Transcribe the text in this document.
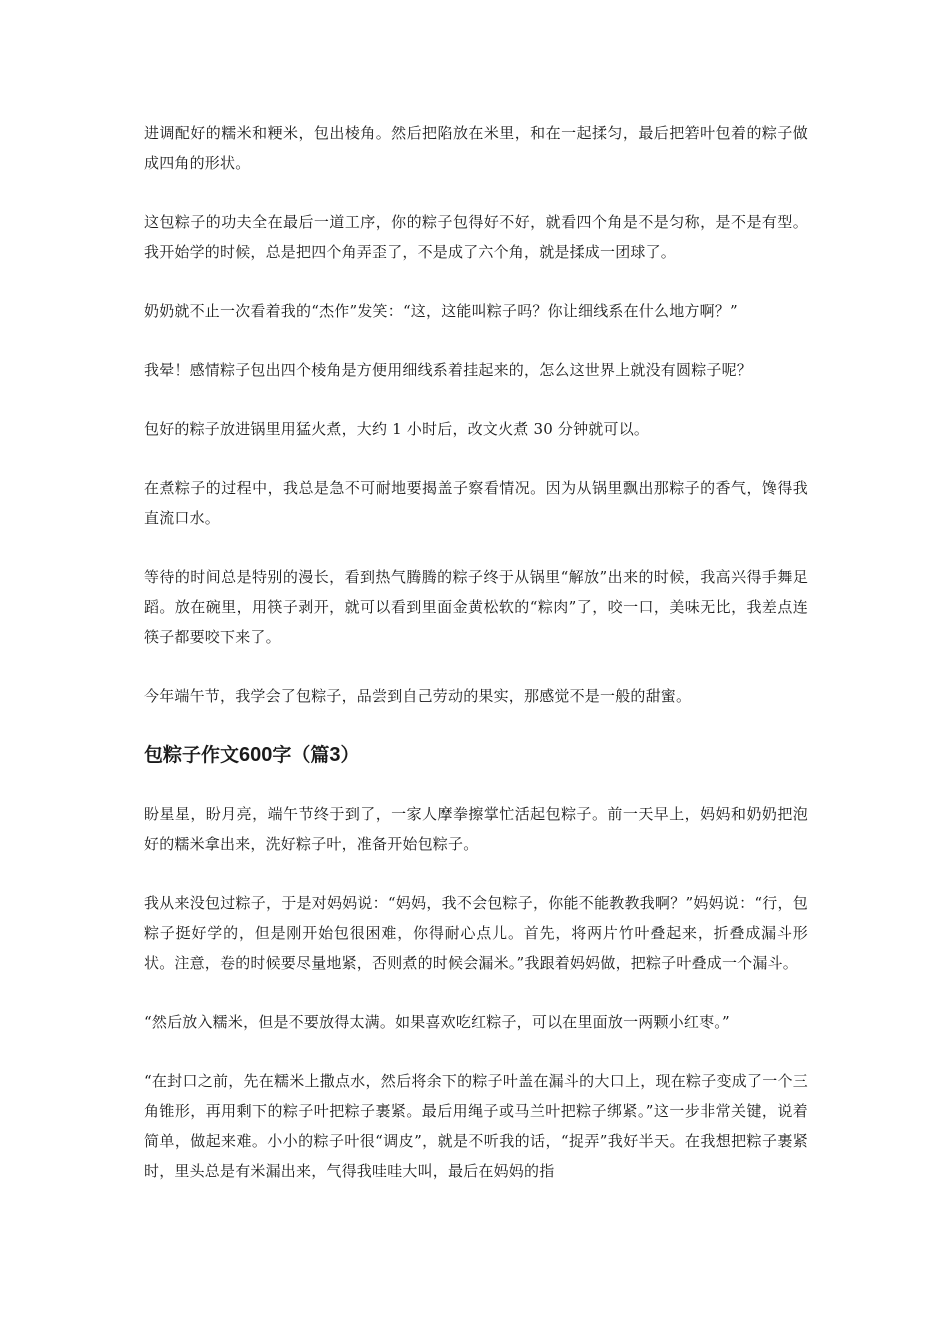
进调配好的糯米和粳米，包出棱角。然后把陷放在米里，和在一起揉匀，最后把箬叶包着的粽子做成四角的形状。

这包粽子的功夫全在最后一道工序，你的粽子包得好不好，就看四个角是不是匀称，是不是有型。我开始学的时候，总是把四个角弄歪了，不是成了六个角，就是揉成一团球了。

奶奶就不止一次看着我的“杰作”发笑：“这，这能叫粽子吗？你让细线系在什么地方啊？”

我晕！感情粽子包出四个棱角是方便用细线系着挂起来的，怎么这世界上就没有圆粽子呢？

包好的粽子放进锅里用猛火煮，大约 1 小时后，改文火煮 30 分钟就可以。

在煮粽子的过程中，我总是急不可耐地要揭盖子察看情况。因为从锅里飘出那粽子的香气，馋得我直流口水。

等待的时间总是特别的漫长，看到热气腾腾的粽子终于从锅里“解放”出来的时候，我高兴得手舞足蹈。放在碗里，用筷子剥开，就可以看到里面金黄松软的“粽肉”了，咬一口，美味无比，我差点连筷子都要咬下来了。

今年端午节，我学会了包粽子，品尝到自己劳动的果实，那感觉不是一般的甜蜜。

包粽子作文600字（篇3）

盼星星，盼月亮，端午节终于到了，一家人摩拳擦掌忙活起包粽子。前一天早上，妈妈和奶奶把泡好的糯米拿出来，洗好粽子叶，准备开始包粽子。

我从来没包过粽子，于是对妈妈说：“妈妈，我不会包粽子，你能不能教教我啊？”妈妈说：“行，包粽子挺好学的，但是刚开始包很困难，你得耐心点儿。首先，将两片竹叶叠起来，折叠成漏斗形状。注意，卷的时候要尽量地紧，否则煮的时候会漏米。”我跟着妈妈做，把粽子叶叠成一个漏斗。

“然后放入糯米，但是不要放得太满。如果喜欢吃红粽子，可以在里面放一两颗小红枣。”

“在封口之前，先在糯米上撒点水，然后将余下的粽子叶盖在漏斗的大口上，现在粽子变成了一个三角锥形，再用剩下的粽子叶把粽子裹紧。最后用绳子或马兰叶把粽子绑紧。”这一步非常关键，说着简单，做起来难。小小的粽子叶很“调皮”，就是不听我的话，“捉弄”我好半天。在我想把粽子裹紧时，里头总是有米漏出来，气得我哇哇大叫，最后在妈妈的指
